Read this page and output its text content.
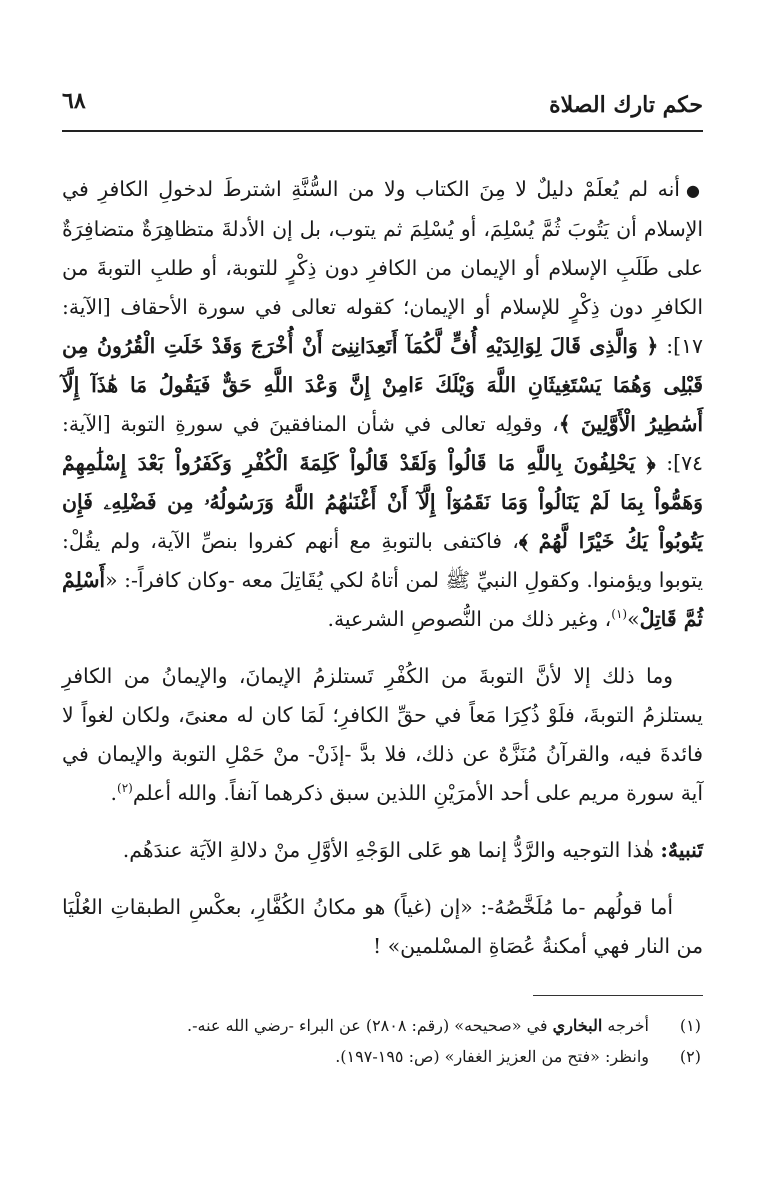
٦٨	حكم تارك الصلاة

●أنه لم يُعلَمْ دليلٌ لا مِنَ الكتاب ولا من السُّنَّةِ اشترطَ لدخولِ الكافرِ في الإسلام أن يَتُوبَ ثُمَّ يُسْلِمَ، أو يُسْلِمَ ثم يتوب، بل إن الأدلةَ متظاهِرَةٌ متضافِرَةٌ على طَلَبِ الإسلام أو الإيمان من الكافرِ دون ذِكْرٍ للتوبة، أو طلبِ التوبةَ من الكافرِ دون ذِكْرٍ للإسلام أو الإيمان؛ كقوله تعالى في سورة الأحقاف [الآية: ١٧]: ﴿ وَالَّذِى قَالَ لِوَالِدَيْهِ أُفٍّ لَّكُمَآ أَتَعِدَانِنِىٓ أَنْ أُخْرَجَ وَقَدْ خَلَتِ الْقُرُونُ مِن قَبْلِى وَهُمَا يَسْتَغِيثَانِ اللَّهَ وَيْلَكَ ءَامِنْ إِنَّ وَعْدَ اللَّهِ حَقٌّ فَيَقُولُ مَا هَٰذَآ إِلَّآ أَسَٰطِيرُ الْأَوَّلِينَ ﴾، وقولِه تعالى في شأن المنافقينَ في سورةِ التوبة [الآية: ٧٤]: ﴿ يَحْلِفُونَ بِاللَّهِ مَا قَالُواْ وَلَقَدْ قَالُواْ كَلِمَةَ الْكُفْرِ وَكَفَرُواْ بَعْدَ إِسْلَٰمِهِمْ وَهَمُّواْ بِمَا لَمْ يَنَالُواْ وَمَا نَقَمُوٓاْ إِلَّآ أَنْ أَغْنَىٰهُمُ اللَّهُ وَرَسُولُهُۥ مِن فَضْلِهِۦ فَإِن يَتُوبُواْ يَكُ خَيْرًا لَّهُمْ ﴾، فاكتفى بالتوبةِ مع أنهم كفروا بنصِّ الآية، ولم يقُلْ: يتوبوا ويؤمنوا. وكقولِ النبيِّ ﷺ لمن أتاهُ لكي يُقَاتِلَ معه -وكان كافراً-: «أَسْلِمْ ثُمَّ قَاتِلْ»$^{(١)}$، وغير ذلك من النُّصوصِ الشرعية.

وما ذلك إلا لأنَّ التوبةَ من الكُفْرِ تَستلزمُ الإيمانَ، والإيمانُ من الكافرِ يستلزمُ التوبةَ، فلَوْ ذُكِرَا مَعاً في حقِّ الكافرِ؛ لَمَا كان له معنىً، ولكان لغواً لا فائدةَ فيه، والقرآنُ مُنَزَّهٌ عن ذلك، فلا بدَّ -إذَنْ- منْ حَمْلِ التوبة والإيمان في آية سورة مريم على أحد الأمرَيْنِ اللذين سبق ذكرهما آنفاً. والله أعلم$^{(٢)}$.

تَنبيهٌ: هٰذا التوجيه والرَّدُّ إنما هو عَلى الوَجْهِ الأوَّلِ منْ دلالةِ الآيَة عندَهُم.

أما قولُهم -ما مُلَخَّصُهُ-: «إن (غياً) هو مكانُ الكُفَّارِ، بعكْسِ الطبقاتِ العُلْيَا من النار فهي أمكنةُ عُصَاةِ المسْلمين» !

(١)
أخرجه البخاري في «صحيحه» (رقم: ٢٨٠٨) عن البراء -رضي الله عنه-.
(٢)
وانظر: «فتح من العزيز الغفار» (ص: ١٩٥-١٩٧).
